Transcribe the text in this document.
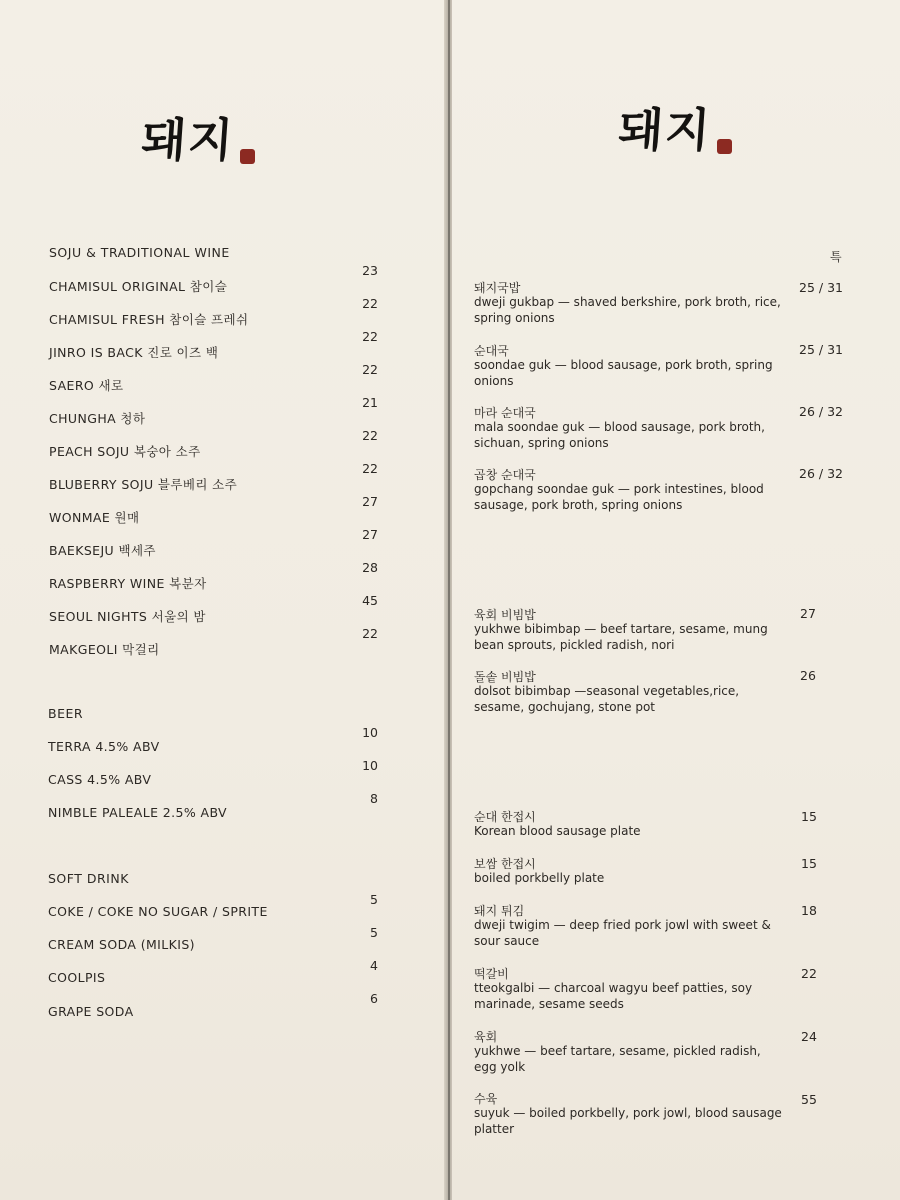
돼지
SOJU & TRADITIONAL WINE
CHAMISUL ORIGINAL 참이슬
23
CHAMISUL FRESH 참이슬 프레쉬
22
JINRO IS BACK 진로 이즈 백
22
SAERO 새로
22
CHUNGHA 청하
21
PEACH SOJU 복숭아 소주
22
BLUBERRY SOJU 블루베리 소주
22
WONMAE 원매
27
BAEKSEJU 백세주
27
RASPBERRY WINE 복분자
28
SEOUL NIGHTS 서울의 밤
45
MAKGEOLI 막걸리
22
BEER
TERRA 4.5% ABV
10
CASS 4.5% ABV
10
NIMBLE PALEALE 2.5% ABV
8
SOFT DRINK
COKE / COKE NO SUGAR / SPRITE
5
CREAM SODA (MILKIS)
5
COOLPIS
4
GRAPE SODA
6
돼지
특
돼지국밥
dweji gukbap — shaved berkshire, pork broth, rice, spring onions
25 / 31
순대국
soondae guk — blood sausage, pork broth, spring onions
25 / 31
마라 순대국
mala soondae guk — blood sausage, pork broth, sichuan, spring onions
26 / 32
곱창 순대국
gopchang soondae guk — pork intestines, blood sausage, pork broth, spring onions
26 / 32
육회 비빔밥
yukhwe bibimbap — beef tartare, sesame, mung bean sprouts, pickled radish, nori
27
돌솥 비빔밥
dolsot bibimbap —seasonal vegetables,rice, sesame, gochujang, stone pot
26
순대 한접시
Korean blood sausage plate
15
보쌈 한접시
boiled porkbelly plate
15
돼지 튀김
dweji twigim — deep fried pork jowl with sweet & sour sauce
18
떡갈비
tteokgalbi — charcoal wagyu beef patties, soy marinade, sesame seeds
22
육회
yukhwe — beef tartare, sesame, pickled radish, egg yolk
24
수육
suyuk — boiled porkbelly, pork jowl, blood sausage platter
55
